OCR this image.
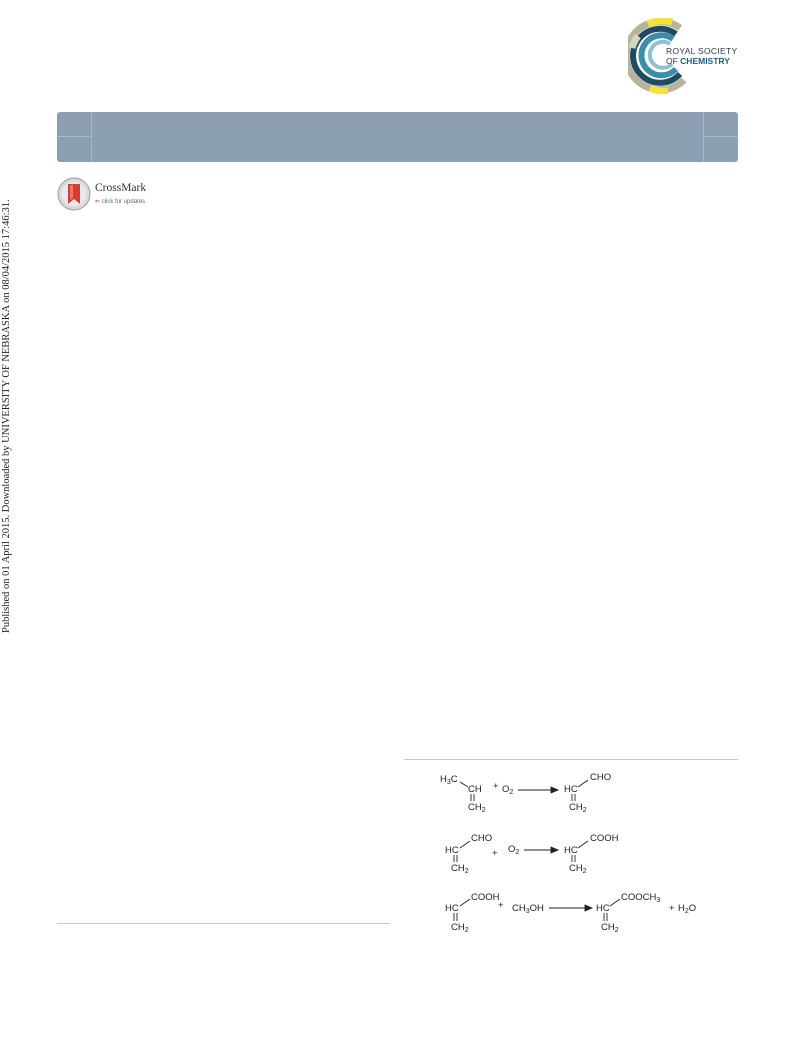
ROYAL SOCIETY
OF CHEMISTRY
CrossMark
⇐ click for updates
Published on 01 April 2015. Downloaded by UNIVERSITY OF NEBRASKA on 08/04/2015 17:46:31.
$H_3C$
CH
$CH_2$
+ $O_2$	HC
CHO
$CH_2$
CHO
HC
$CH_2$
+ $O_2$
COOH
HC
$CH_2$
COOH
HC
$CH_2$
+ $CH_3OH$	HC
$COOCH_3$
$CH_2$
+ $H_2O$
